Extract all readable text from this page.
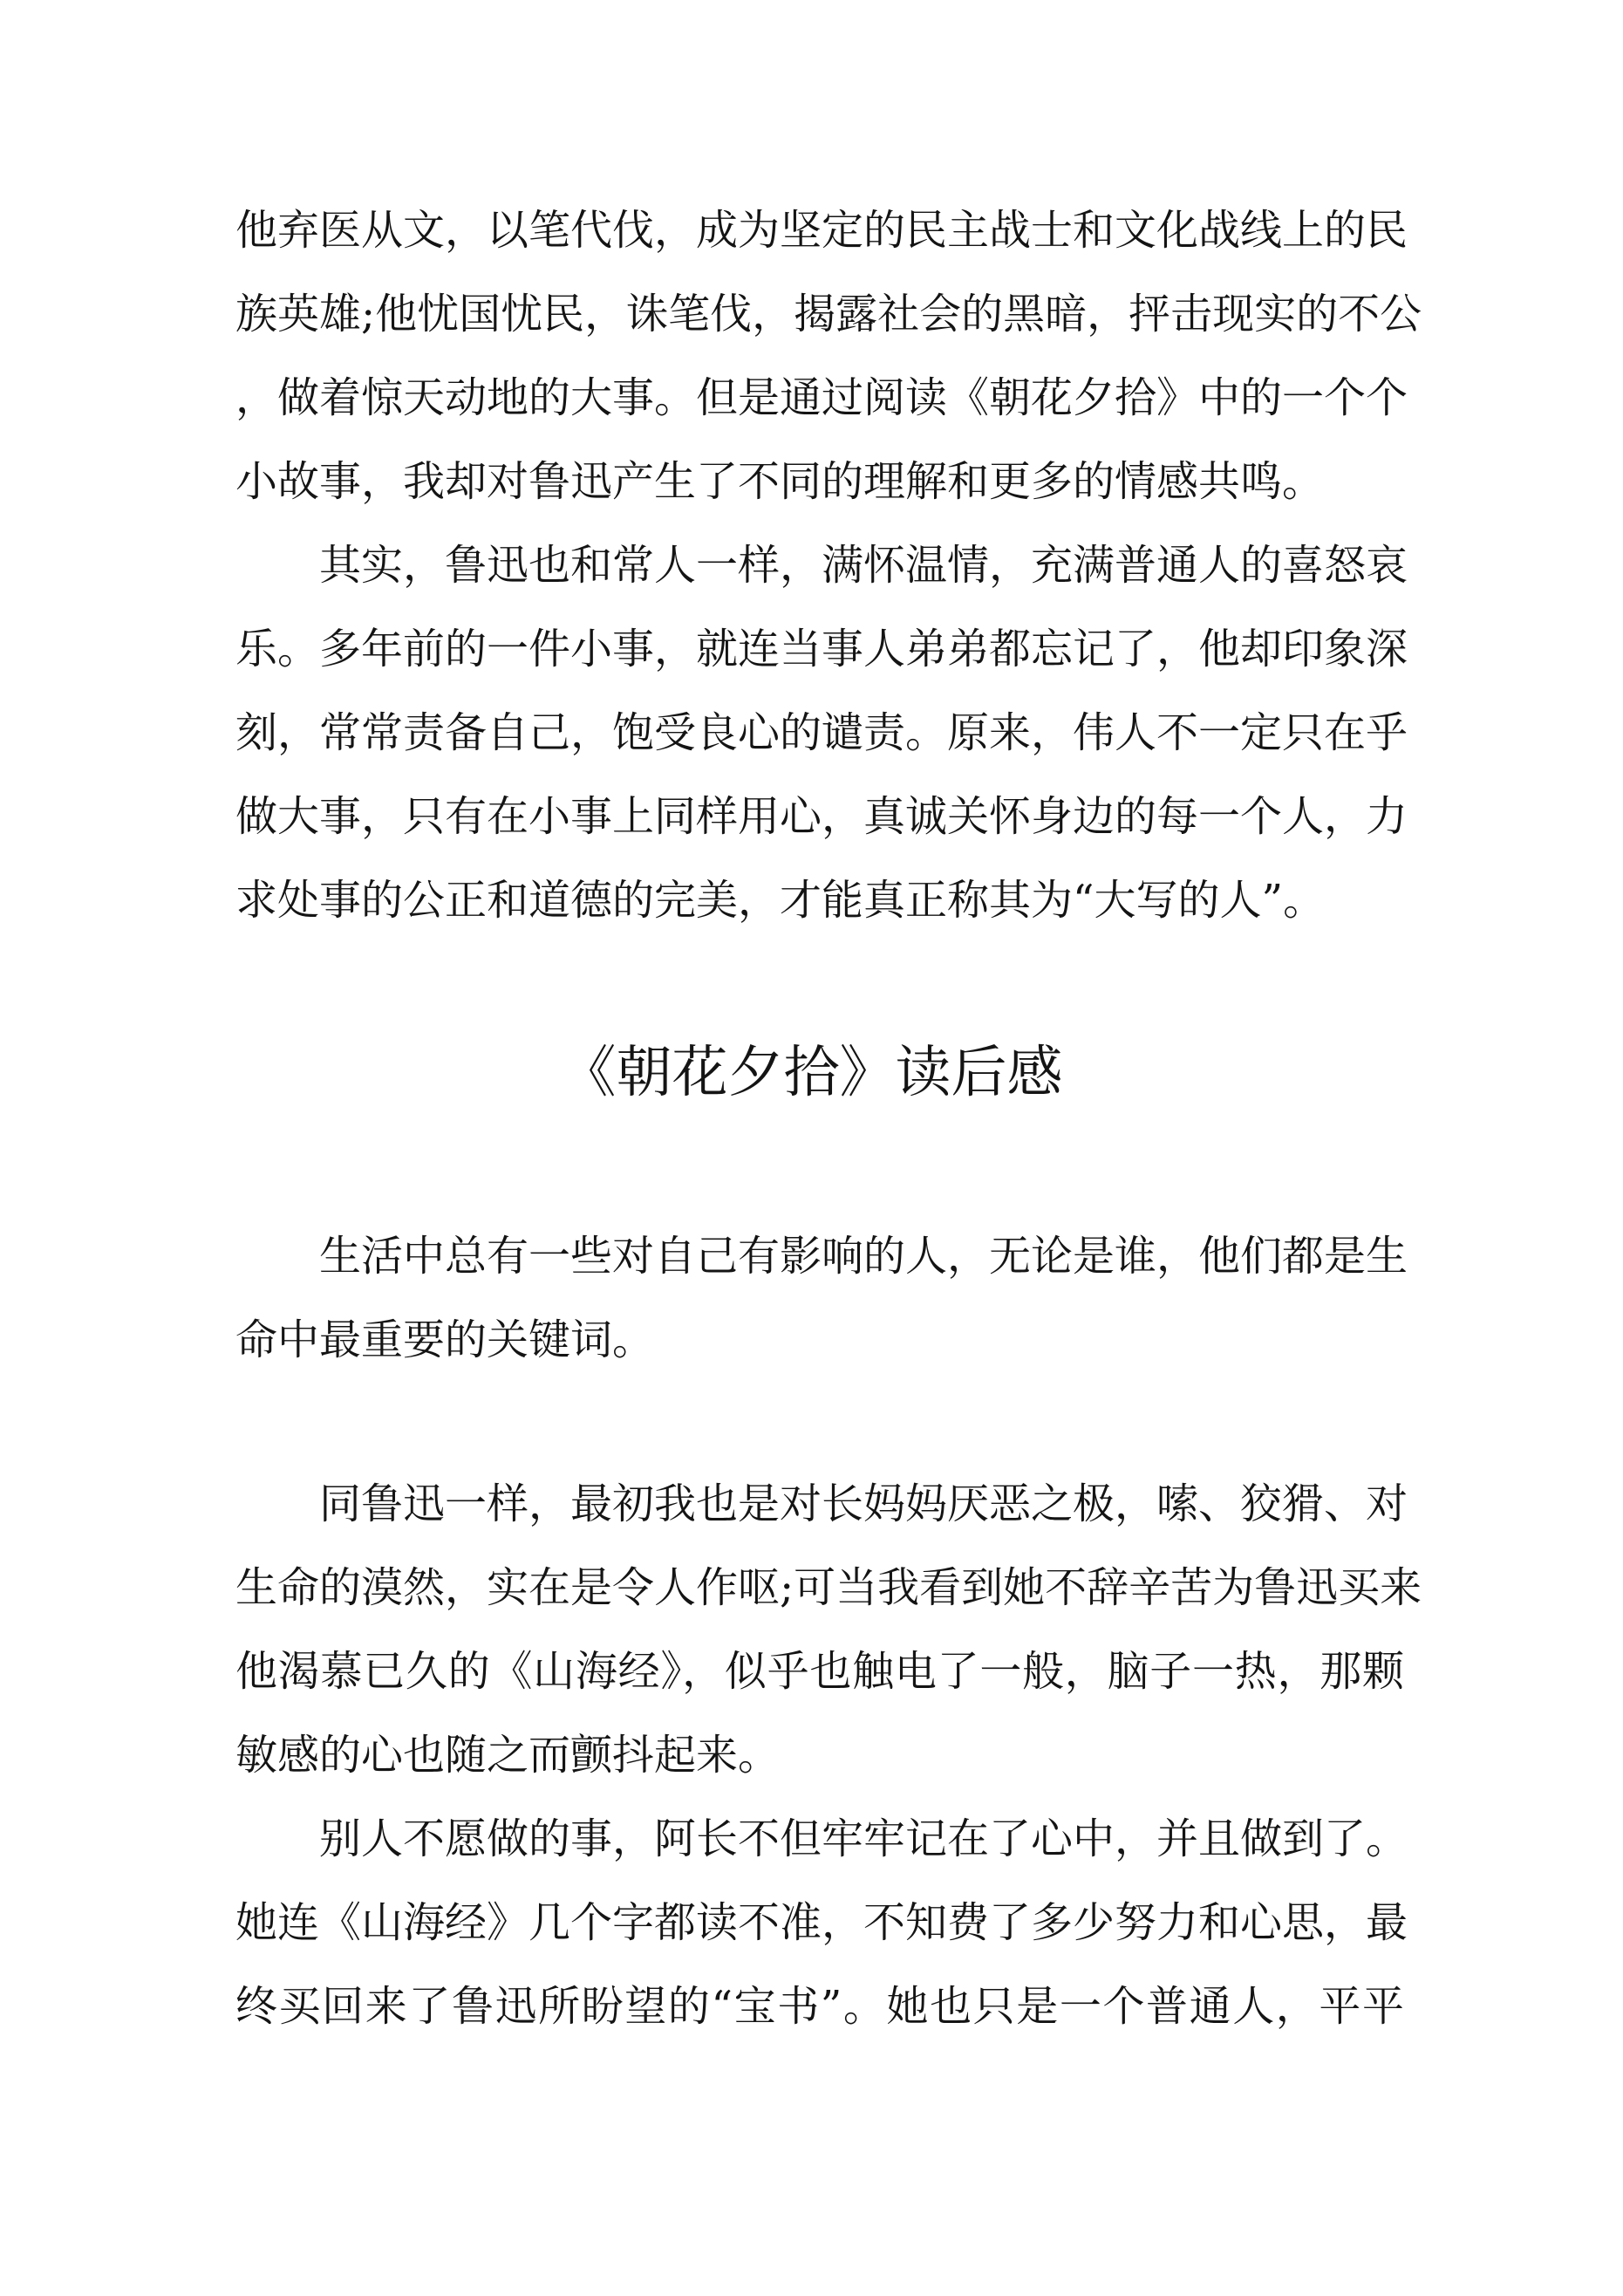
他弃医从文，以笔代伐，成为坚定的民主战士和文化战线上的民
族英雄;他忧国忧民，诛笔伐，揭露社会的黑暗，抨击现实的不公
，做着惊天动地的大事。但是通过阅读《朝花夕拾》中的一个个
小故事，我却对鲁迅产生了不同的理解和更多的情感共鸣。
其实，鲁迅也和常人一样，满怀温情，充满普通人的喜怒哀
乐。多年前的一件小事，就连当事人弟弟都忘记了，他却印象深
刻，常常责备自己，饱受良心的谴责。原来，伟人不一定只在乎
做大事，只有在小事上同样用心，真诚关怀身边的每一个人，力
求处事的公正和道德的完美，才能真正称其为“大写的人”。
《朝花夕拾》读后感
生活中总有一些对自己有影响的人，无论是谁，他们都是生
命中最重要的关键词。
同鲁迅一样，最初我也是对长妈妈厌恶之极，嗦、狡猾、对
生命的漠然，实在是令人作呕;可当我看到她不辞辛苦为鲁迅买来
他渴慕已久的《山海经》，似乎也触电了一般，脑子一热，那颗
敏感的心也随之而颤抖起来。
别人不愿做的事，阿长不但牢牢记在了心中，并且做到了。
她连《山海经》几个字都读不准，不知费了多少努力和心思，最
终买回来了鲁迅所盼望的“宝书”。她也只是一个普通人，平平
